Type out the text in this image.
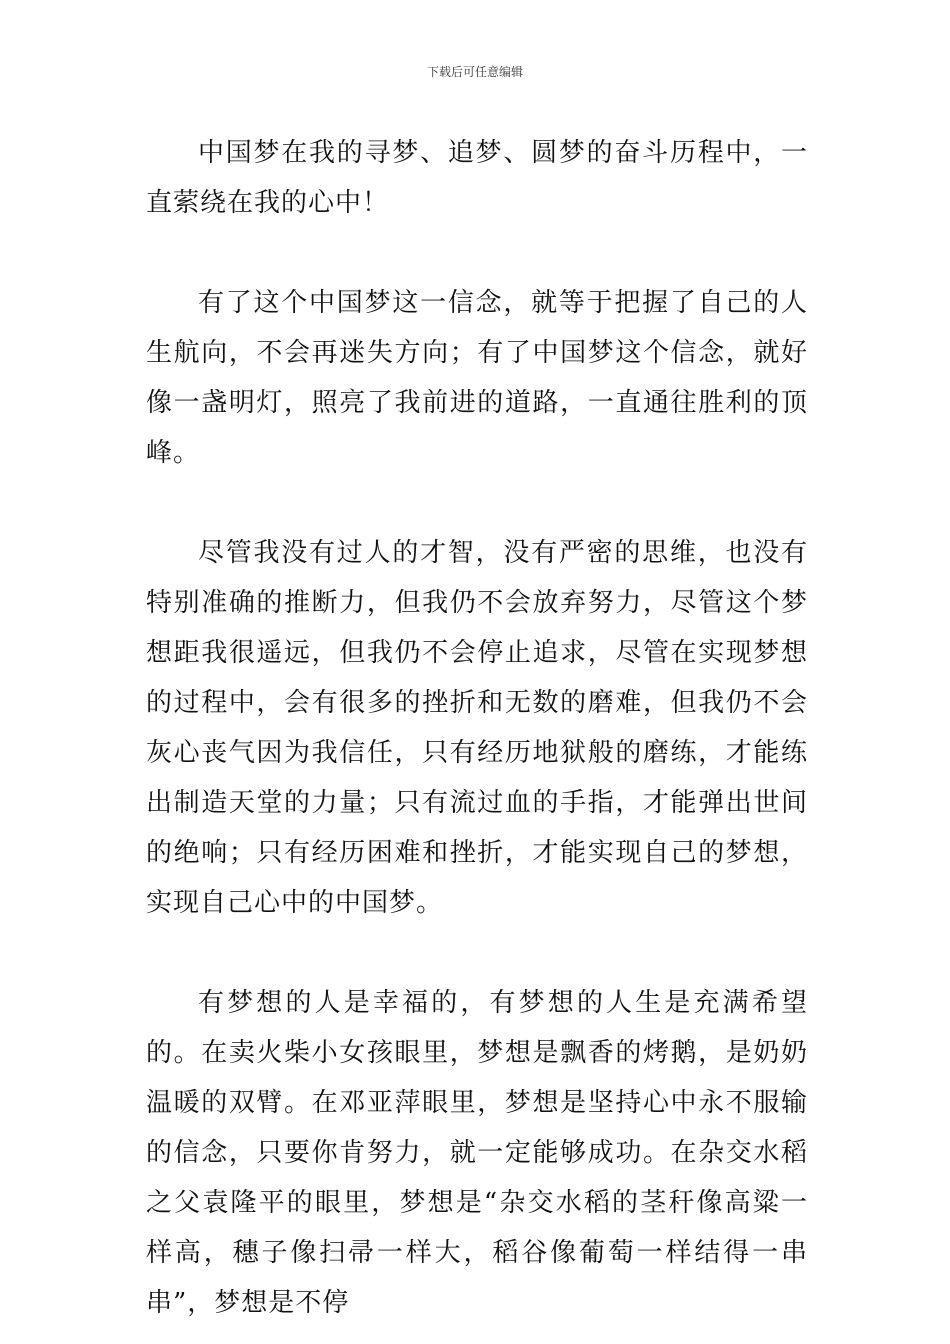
下载后可任意编辑

中国梦在我的寻梦、追梦、圆梦的奋斗历程中，一直萦绕在我的心中！

有了这个中国梦这一信念，就等于把握了自己的人生航向，不会再迷失方向；有了中国梦这个信念，就好像一盏明灯，照亮了我前进的道路，一直通往胜利的顶峰。

尽管我没有过人的才智，没有严密的思维，也没有特别准确的推断力，但我仍不会放弃努力，尽管这个梦想距我很遥远，但我仍不会停止追求，尽管在实现梦想的过程中，会有很多的挫折和无数的磨难，但我仍不会灰心丧气因为我信任，只有经历地狱般的磨练，才能练出制造天堂的力量；只有流过血的手指，才能弹出世间的绝响；只有经历困难和挫折，才能实现自己的梦想，实现自己心中的中国梦。

有梦想的人是幸福的，有梦想的人生是充满希望的。在卖火柴小女孩眼里，梦想是飘香的烤鹅，是奶奶温暖的双臂。在邓亚萍眼里，梦想是坚持心中永不服输的信念，只要你肯努力，就一定能够成功。在杂交水稻之父袁隆平的眼里，梦想是“杂交水稻的茎秆像高粱一样高，穗子像扫帚一样大，稻谷像葡萄一样结得一串串”，梦想是不停
